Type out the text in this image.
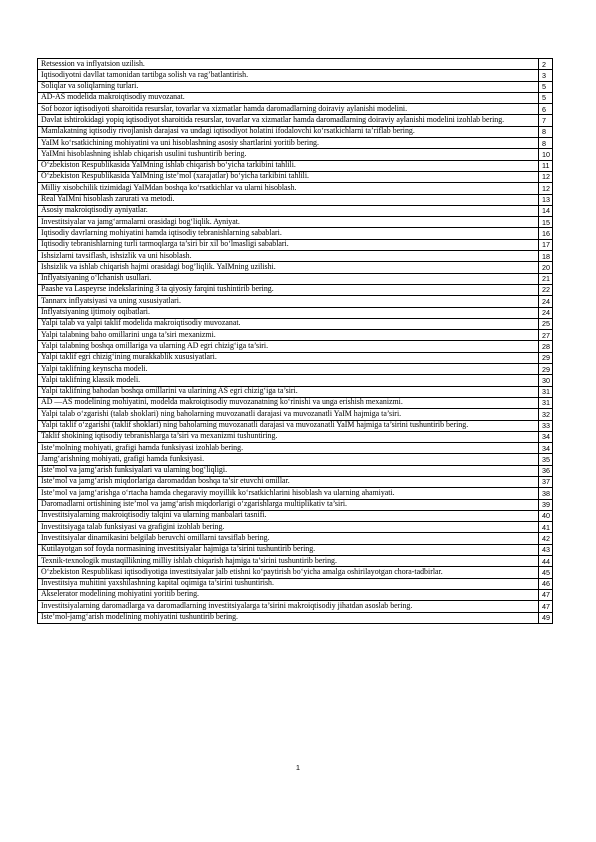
Retsession va inflyatsion uzilish.	2
Iqtisodiyotni davllat tamonidan tartibga solish va rag’batlantirish.	3
Soliqlar va soliqlarning turlari.	5
AD-AS modelida makroiqtisodiy muvozanat.	5
Sof bozor iqtisodiyoti sharoitida resurslar, tovarlar va xizmatlar hamda daromadlarning doiraviy aylanishi modelini.	6
Davlat ishtirokidagi yopiq iqtisodiyot sharoitida resurslar, tovarlar va xizmatlar hamda daromadlarning doiraviy aylanishi modelini izohlab bering.	7
Mamlakatning iqtisodiy rivojlanish darajasi va undagi iqtisodiyot holatini ifodalovchi ko‘rsatkichlarni ta’riflab bering.	8
YaIM ko‘rsatkichining mohiyatini va uni hisoblashning asosiy shartlarini yoritib bering.	8
YaIMni hisoblashning ishlab chiqarish usulini tushuntirib bering.	10
O‘zbekiston Respublikasida YaIMning ishlab chiqarish bo‘yicha tarkibini tahlili.	11
O‘zbekiston Respublikasida YaIMning iste’mol (xarajatlar) bo‘yicha tarkibini tahlili.	12
Milliy xisobchilik tizimidagi YaIMdan boshqa ko‘rsatkichlar va ularni hisoblash.	12
Real YaIMni hisoblash zarurati va metodi.	13
Asosiy makroiqtisodiy ayniyatlar.	14
Investitsiyalar va jamg‘armalarni orasidagi bog‘liqlik. Ayniyat.	15
Iqtisodiy davrlarning mohiyatini hamda iqtisodiy tebranishlarning sabablari.	16
Iqtisodiy tebranishlarning turli tarmoqlarga ta’siri bir xil bo‘lmasligi sabablari.	17
Ishsizlarni tavsiflash, ishsizlik va uni hisoblash.	18
Ishsizlik va ishlab chiqarish hajmi orasidagi bog’liqlik. YaIMning uzilishi.	20
Inflyatsiyaning o‘lchanish usullari.	21
Paashe va Laspeyrse indekslarining 3 ta qiyosiy farqini tushintirib bering.	22
Tannarx inflyatsiyasi va uning xususiyatlari.	24
Inflyatsiyaning ijtimoiy oqibatlari.	24
Yalpi talab va yalpi taklif modelida makroiqtisodiy muvozanat.	25
Yalpi talabning baho omillarini unga ta’siri mexanizmi.	27
Yalpi talabning boshqa omillariga va ularning AD egri chizig‘iga ta’siri.	28
Yalpi taklif egri chizig‘ining murakkablik xususiyatlari.	29
Yalpi taklifning keynscha modeli.	29
Yalpi taklifning klassik modeli.	30
Yalpi taklifning bahodan boshqa omillarini va ularining AS egri chizig‘iga ta’siri.	31
AD —AS modelining mohiyatini, modelda makroiqtisodiy muvozanatning ko‘rinishi va unga erishish mexanizmi.	31
Yalpi talab o‘zgarishi (talab shoklari) ning baholarning muvozanatli darajasi va muvozanatli YaIM hajmiga ta’siri.	32
Yalpi taklif o‘zgarishi (taklif shoklari) ning baholarning muvozanatli darajasi va muvozanatli YaIM hajmiga ta’sirini tushuntirib bering.	33
Taklif shokining iqtisodiy tebranishlarga ta’siri va mexanizmi tushuntiring.	34
Iste’molning mohiyati, grafigi hamda funksiyasi izohlab bering.	34
Jamg‘arishning mohiyati, grafigi hamda funksiyasi.	35
Iste’mol va jamg‘arish funksiyalari va ularning bog‘liqligi.	36
Iste’mol va jamg‘arish miqdorlariga daromaddan boshqa ta’sir etuvchi omillar.	37
Iste’mol va jamg‘arishga o‘rtacha hamda chegaraviy moyillik ko‘rsatkichlarini hisoblash va ularning ahamiyati.	38
Daromadlarni ortishining iste’mol va jamg‘arish miqdorlarigi o‘zgarishlarga multiplikativ ta’siri.	39
Investitsiyalarning makroiqtisodiy talqini va ularning manbalari tasnifi.	40
Investitsiyaga talab funksiyasi va grafigini izohlab bering.	41
Investitsiyalar dinamikasini belgilab beruvchi omillarni tavsiflab bering.	42
Kutilayotgan sof foyda normasining investitsiyalar hajmiga ta’sirini tushuntirib bering.	43
Texnik-texnologik mustaqillikning milliy ishlab chiqarish hajmiga ta’sirini tushuntirib bering.	44
O‘zbekiston Respublikasi iqtisodiyotiga investitsiyalar jalb etishni ko‘paytirish bo‘yicha amalga oshirilayotgan chora-tadbirlar.	45
Investitsiya muhitini yaxshilashning kapital oqimiga ta’sirini tushuntirish.	46
Akselerator modelining mohiyatini yoritib bering.	47
Investitsiyalarning daromadlarga va daromadlarning investitsiyalarga ta’sirini makroiqtisodiy jihatdan asoslab bering.	47
Iste’mol-jamg‘arish modelining mohiyatini tushuntirib bering.	49
1
